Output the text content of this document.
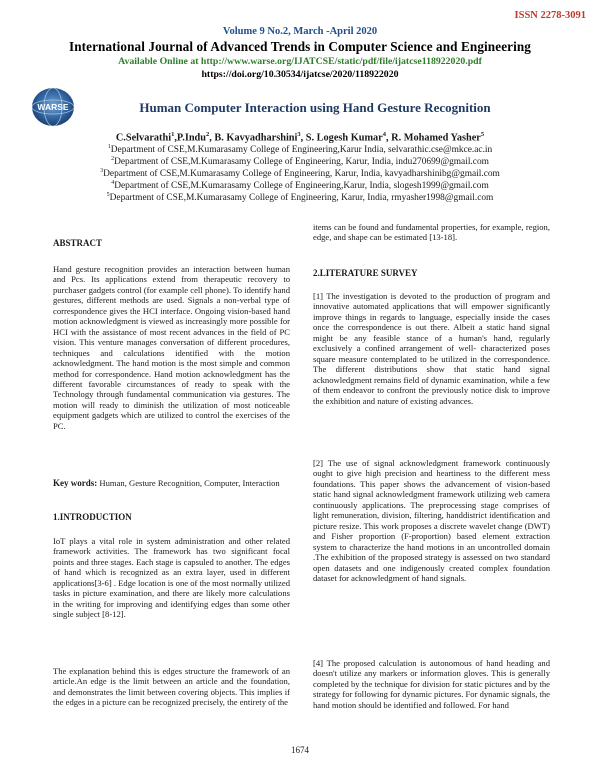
ISSN 2278-3091
Volume 9 No.2, March -April 2020
International Journal of Advanced Trends in Computer Science and Engineering
Available Online at http://www.warse.org/IJATCSE/static/pdf/file/ijatcse118922020.pdf
https://doi.org/10.30534/ijatcse/2020/118922020
WARSE	Human Computer Interaction using Hand Gesture Recognition
C.Selvarathi$^1$,P.Indu$^2$, B. Kavyadharshini$^3$, S. Logesh Kumar$^4$, R. Mohamed Yasher$^5$
$^1$Department of CSE,M.Kumarasamy College of Engineering,Karur India, selvarathic.cse@mkce.ac.in
$^2$Department of CSE,M.Kumarasamy College of Engineering, Karur, India, indu270699@gmail.com
$^3$Department of CSE,M.Kumarasamy College of Engineering, Karur, India, kavyadharshinibg@gmail.com
$^4$Department of CSE,M.Kumarasamy College of Engineering,Karur, India, slogesh1999@gmail.com
$^5$Department of CSE,M.Kumarasamy College of Engineering, Karur, India, rmyasher1998@gmail.com
ABSTRACT
Hand gesture recognition provides an interaction between human and Pcs. Its applications extend from therapeutic recovery to purchaser gadgets control (for example cell phone). To identify hand gestures, different methods are used. Signals a non-verbal type of correspondence gives the HCI interface. Ongoing vision-based hand motion acknowledgment is viewed as increasingly more possible for HCI with the assistance of most recent advances in the field of PC vision. This venture manages conversation of different procedures, techniques and calculations identified with the motion acknowledgment. The hand motion is the most simple and common method for correspondence. Hand motion acknowledgment has the different favorable circumstances of ready to speak with the Technology through fundamental communication via gestures. The motion will ready to diminish the utilization of most noticeable equipment gadgets which are utilized to control the exercises of the PC.
Key words: Human, Gesture Recognition, Computer, Interaction
1.INTRODUCTION
IoT plays a vital role in system administration and other related framework activities. The framework has two significant focal points and three stages. Each stage is capsuled to another. The edges of hand which is recognized as an extra layer, used in different applications[3-6] . Edge location is one of the most normally utilized tasks in picture examination, and there are likely more calculations in the writing for improving and identifying edges than some other single subject [8-12].
The explanation behind this is edges structure the framework of an article.An edge is the limit between an article and the foundation, and demonstrates the limit between covering objects. This implies if the edges in a picture can be recognized precisely, the entirety of the
items can be found and fundamental properties, for example, region, edge, and shape can be estimated [13-18].
2.LITERATURE SURVEY
[1] The investigation is devoted to the production of program and innovative automated applications that will empower significantly improve things in regards to language, especially inside the cases once the correspondence is out there. Albeit a static hand signal might be any feasible stance of a human's hand, regularly exclusively a confined arrangement of well- characterized poses square measure contemplated to be utilized in the correspondence. The different distributions show that static hand signal acknowledgment remains field of dynamic examination, while a few of them endeavor to confront the previously notice disk to improve the exhibition and nature of existing advances.
[2] The use of signal acknowledgment framework continuously ought to give high precision and heartiness to the different mess foundations. This paper shows the advancement of vision-based static hand signal acknowledgment framework utilizing web camera continuously applications. The preprocessing stage comprises of light remuneration, division, filtering, handdistrict identification and picture resize. This work proposes a discrete wavelet change (DWT) and Fisher proportion (F-proportion) based element extraction system to characterize the hand motions in an uncontrolled domain .The exhibition of the proposed strategy is assessed on two standard open datasets and one indigenously created complex foundation dataset for acknowledgment of hand signals.
[4] The proposed calculation is autonomous of hand heading and doesn't utilize any markers or information gloves. This is generally completed by the technique for division for static pictures and by the strategy for following for dynamic pictures. For dynamic signals, the hand motion should be identified and followed. For hand
1674
